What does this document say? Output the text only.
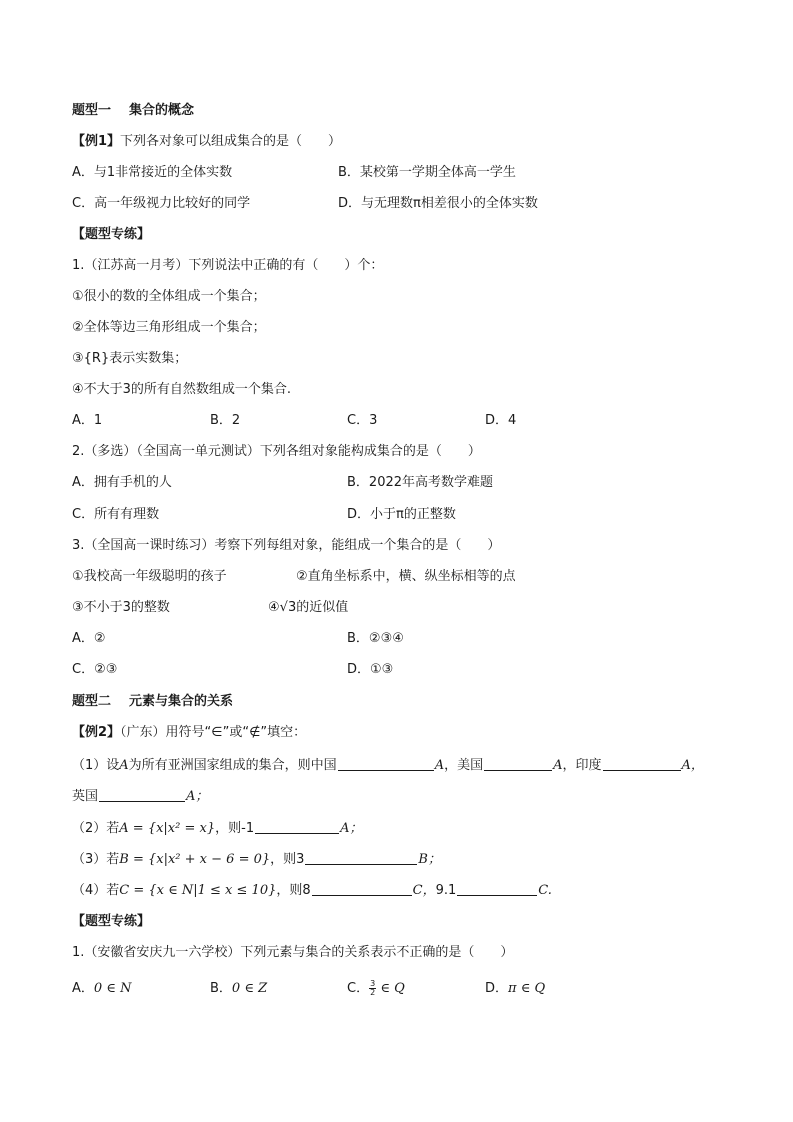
题型一 集合的概念
【例1】下列各对象可以组成集合的是（　　）
A．与1非常接近的全体实数	B．某校第一学期全体高一学生
C．高一年级视力比较好的同学	D．与无理数π相差很小的全体实数
【题型专练】
1.（江苏高一月考）下列说法中正确的有（　　）个：
①很小的数的全体组成一个集合；
②全体等边三角形组成一个集合；
③{R}表示实数集；
④不大于3的所有自然数组成一个集合.
A．1	B．2	C．3	D．4
2.（多选）（全国高一单元测试）下列各组对象能构成集合的是（　　）
A．拥有手机的人	B．2022年高考数学难题
C．所有有理数	D．小于π的正整数
3.（全国高一课时练习）考察下列每组对象，能组成一个集合的是（　　）
①我校高一年级聪明的孩子	②直角坐标系中，横、纵坐标相等的点
③不小于3的整数	④√3的近似值
A．②	B．②③④
C．②③	D．①③
题型二 元素与集合的关系
【例2】（广东）用符号“∈”或“∉”填空：
（1）设A为所有亚洲国家组成的集合，则中国	A，美国	A，印度	A，
英国	A；
（2）若A = {x|x² = x}，则-1	A；
（3）若B = {x|x² + x − 6 = 0}，则3	B；
（4）若C = {x ∈ N|1 ≤ x ≤ 10}，则8	C，9.1	C.
【题型专练】
1.（安徽省安庆九一六学校）下列元素与集合的关系表示不正确的是（　　）
A．0 ∈ N	B．0 ∈ Z	C． $\frac{3}{2}$ ∈ Q	D．π ∈ Q
